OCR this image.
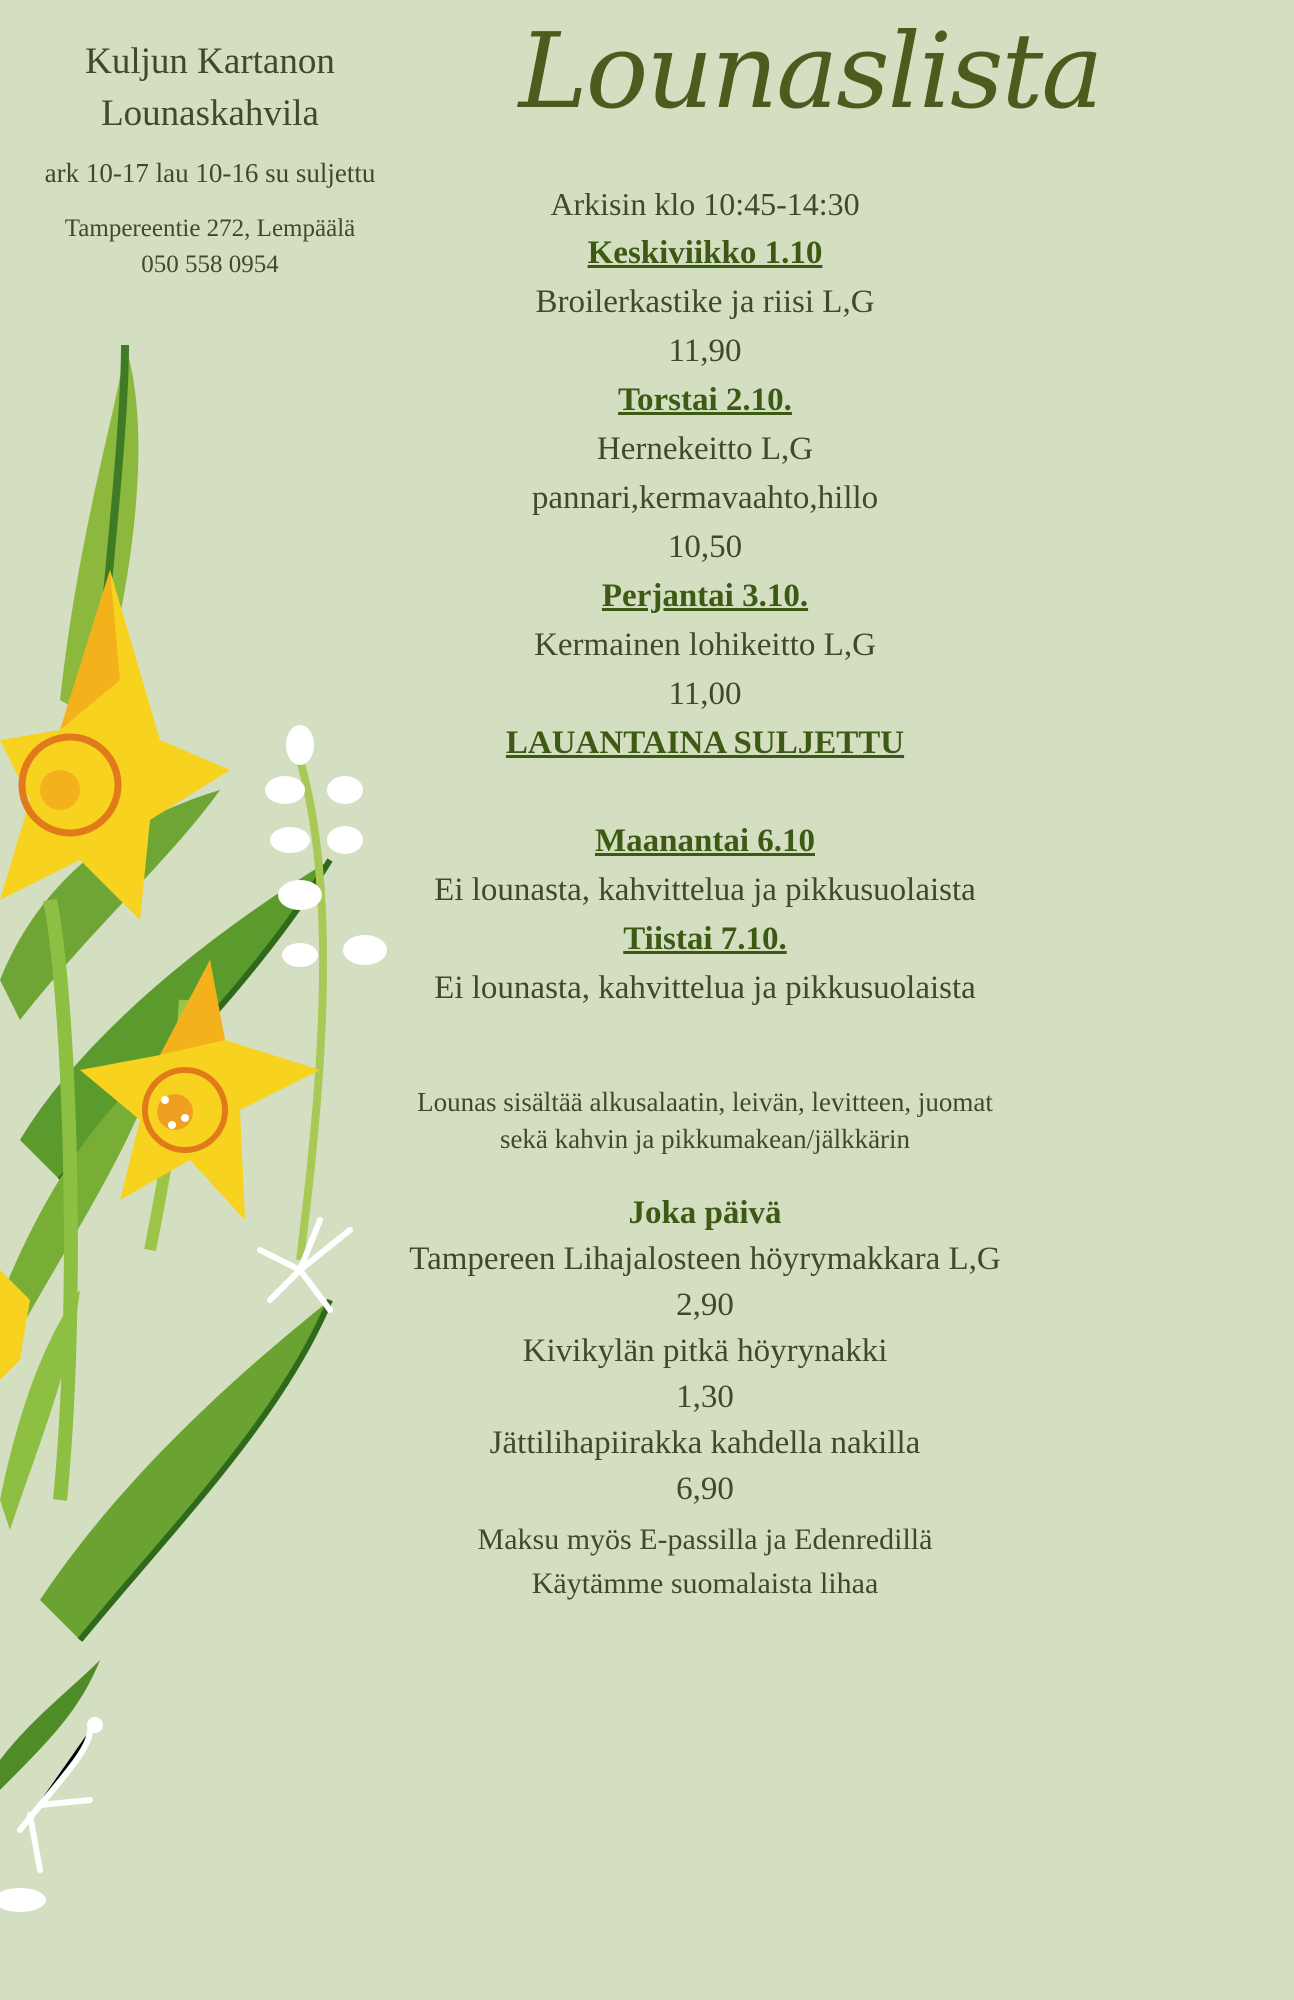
Kuljun Kartanon
Lounaskahvila
ark 10-17 lau 10-16 su suljettu
Tampereentie 272, Lempäälä
050 558 0954
Lounaslista
Arkisin klo 10:45-14:30
Keskiviikko 1.10
Broilerkastike ja riisi L,G
11,90
Torstai 2.10.
Hernekeitto L,G
pannari,kermavaahto,hillo
10,50
Perjantai 3.10.
Kermainen lohikeitto L,G
11,00
LAUANTAINA SULJETTU
Maanantai 6.10
Ei lounasta, kahvittelua ja pikkusuolaista
Tiistai 7.10.
Ei lounasta, kahvittelua ja pikkusuolaista
Lounas sisältää alkusalaatin, leivän, levitteen, juomat
sekä kahvin ja pikkumakean/jälkkärin
Joka päivä
Tampereen Lihajalosteen höyrymakkara L,G
2,90
Kivikylän pitkä höyrynakki
1,30
Jättilihapiirakka kahdella nakilla
6,90
Maksu myös E-passilla ja Edenredillä
Käytämme suomalaista lihaa
